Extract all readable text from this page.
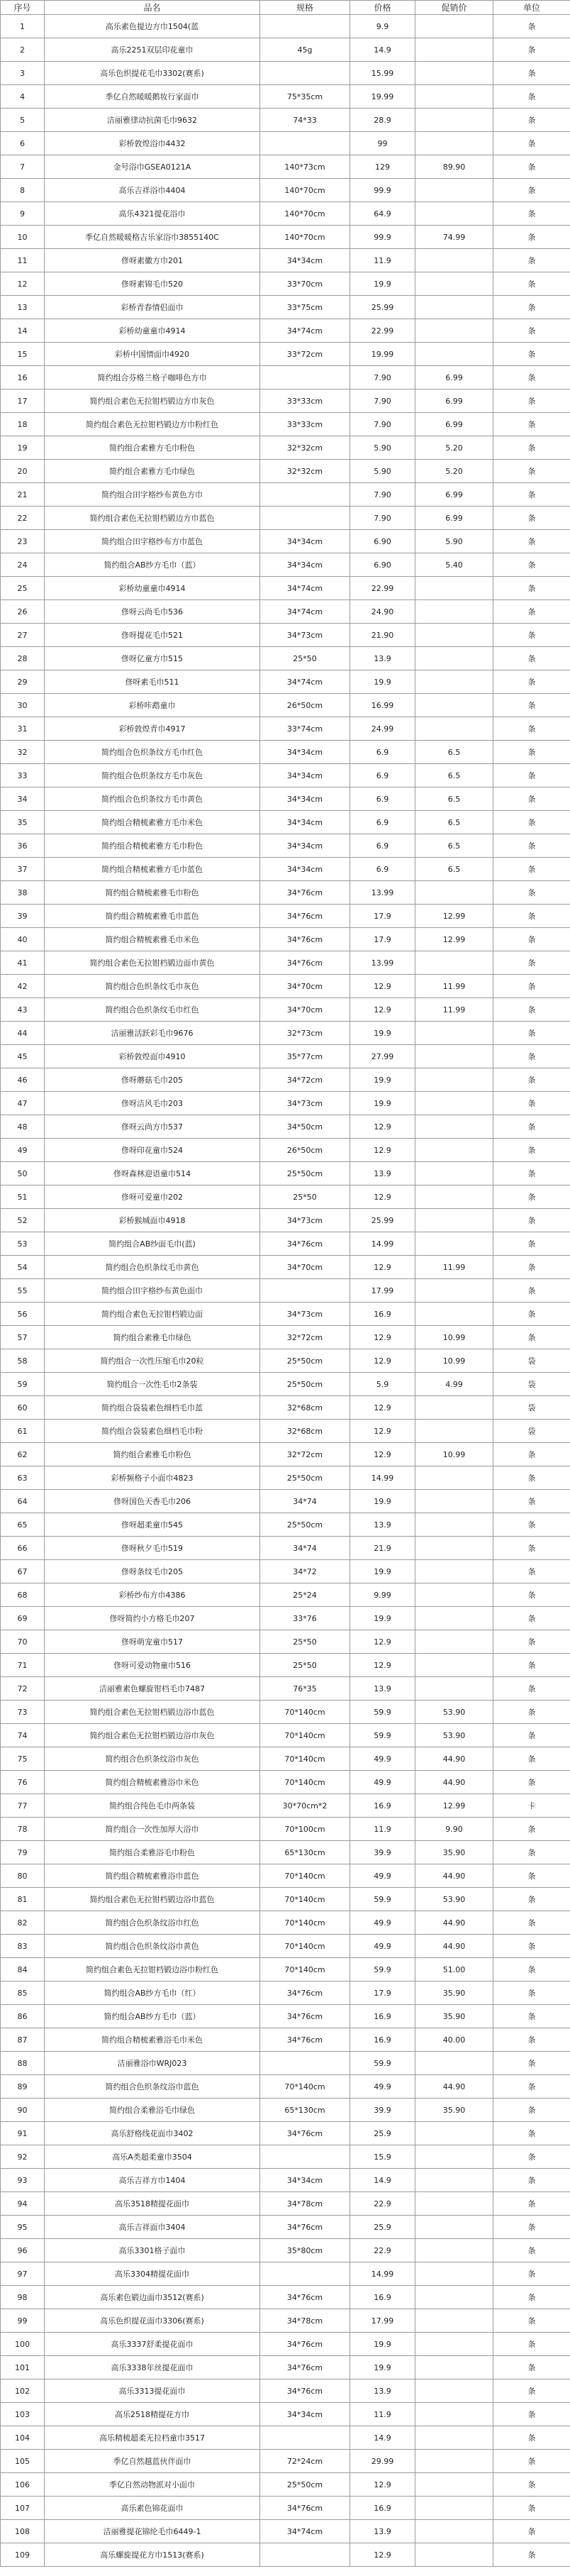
序号	品名	规格	价格	促销价	单位
1	高乐素色提边方巾1504(蓝		9.9		条
2	高乐2251双层印花童巾	45g	14.9		条
3	高乐色织提花毛巾3302(赛系)		15.99		条
4	季亿自然暖暖鹅妆行家面巾	75*35cm	19.99		条
5	洁丽雅律动抗菌毛巾9632	74*33	28.9		条
6	彩桥敦煌浴巾4432		99		条
7	金号浴巾GSEA0121A	140*73cm	129	89.90	条
8	高乐吉祥浴巾4404	140*70cm	99.9		条
9	高乐4321提花浴巾	140*70cm	64.9		条
10	季亿自然暖暖格吉乐家浴巾3855140C	140*70cm	99.9	74.99	条
11	俢呀素徽方巾201	34*34cm	11.9		条
12	俢呀素锦毛巾520	33*70cm	19.9		条
13	彩桥青春情侣面巾	33*75cm	25.99		条
14	彩桥幼童童巾4914	34*74cm	22.99		条
15	彩桥中国情面巾4920	33*72cm	19.99		条
16	简约组合芬格兰格子咖啡色方巾		7.90	6.99	条
17	简约组合素色无拉钳档锻边方巾灰色	33*33cm	7.90	6.99	条
18	简约组合素色无拉钳档锻边方巾粉红色	33*33cm	7.90	6.99	条
19	简约组合素雅方毛巾粉色	32*32cm	5.90	5.20	条
20	简约组合素雅方毛巾绿色	32*32cm	5.90	5.20	条
21	简约组合田字格纱布黄色方巾		7.90	6.99	条
22	简约组合素色无拉钳档锻边方巾蓝色		7.90	6.99	条
23	简约组合田字格纱布方巾蓝色	34*34cm	6.90	5.90	条
24	简约组合AB纱方毛巾（蓝）	34*34cm	6.90	5.40	条
25	彩桥幼童童巾4914	34*74cm	22.99		条
26	俢呀云尚毛巾536	34*74cm	24.90		条
27	俢呀提花毛巾521	34*73cm	21.90		条
28	俢呀亿童方巾515	25*50	13.9		条
29	俢呀素毛巾511	34*74cm	19.9		条
30	彩桥咔鹉童巾	26*50cm	16.99		条
31	彩桥敦煌青巾4917	33*74cm	24.99		条
32	简约组合色织条纹方毛巾红色	34*34cm	6.9	6.5	条
33	简约组合色织条纹方毛巾灰色	34*34cm	6.9	6.5	条
34	简约组合色织条纹方毛巾黄色	34*34cm	6.9	6.5	条
35	简约组合精梳素雅方毛巾米色	34*34cm	6.9	6.5	条
36	简约组合精梳素雅方毛巾粉色	34*34cm	6.9	6.5	条
37	简约组合精梳素雅方毛巾蓝色	34*34cm	6.9	6.5	条
38	简约组合精梳素雅毛巾粉色	34*76cm	13.99		条
39	简约组合精梳素雅毛巾蓝色	34*76cm	17.9	12.99	条
40	简约组合精梳素雅毛巾米色	34*76cm	17.9	12.99	条
41	简约组合素色无拉钳档锻边面巾黄色	34*76cm	13.99		条
42	简约组合色织条纹毛巾灰色	34*70cm	12.9	11.99	条
43	简约组合色织条纹毛巾红色	34*70cm	12.9	11.99	条
44	洁丽雅活跃彩毛巾9676	32*73cm	19.9		条
45	彩桥敦煌面巾4910	35*77cm	27.99		条
46	俢呀蘑菇毛巾205	34*72cm	19.9		条
47	俢呀洁风毛巾203	34*73cm	19.9		条
48	俢呀云尚方巾537	34*50cm	12.9		条
49	俢呀印花童巾524	26*50cm	12.9		条
50	俢呀森林迎语童巾514	25*50cm	13.9		条
51	俢呀可爱童巾202	25*50	12.9		条
52	彩桥猴城面巾4918	34*73cm	25.99		条
53	简约组合AB纱面毛巾(蓝)	34*76cm	14.99		条
54	简约组合色织条纹毛巾黄色	34*70cm	12.9	11.99	条
55	简约组合田字格纱布黄色面巾		17.99		条
56	简约组合素色无拉钳档锻边面	34*73cm	16.9		条
57	简约组合素雅毛巾绿色	32*72cm	12.9	10.99	条
58	简约组合一次性压缩毛巾20粒	25*50cm	12.9	10.99	袋
59	简约组合一次性毛巾2条装	25*50cm	5.9	4.99	袋
60	简约组合袋装素色细档毛巾蓝	32*68cm	12.9		袋
61	简约组合袋装素色细档毛巾粉	32*68cm	12.9		袋
62	简约组合素雅毛巾粉色	32*72cm	12.9	10.99	条
63	彩桥频格子小面巾4823	25*50cm	14.99		条
64	俢呀国色天香毛巾206	34*74	19.9		条
65	俢呀超柔童巾545	25*50cm	13.9		条
66	俢呀秋夕毛巾519	34*74	21.9		条
67	俢呀条纹毛巾205	34*72	19.9		条
68	彩桥纱布方巾4386	25*24	9.99		条
69	俢呀简约小方格毛巾207	33*76	19.9		条
70	俢呀萌宠童巾517	25*50	12.9		条
71	俢呀可爱动物童巾516	25*50	12.9		条
72	洁丽雅素色螺旋钳档毛巾7487	76*35	13.9		条
73	简约组合素色无拉钳档锻边浴巾蓝色	70*140cm	59.9	53.90	条
74	简约组合素色无拉钳档锻边浴巾灰色	70*140cm	59.9	53.90	条
75	简约组合色织条纹浴巾灰色	70*140cm	49.9	44.90	条
76	简约组合精梳素雅浴巾米色	70*140cm	49.9	44.90	条
77	简约组合纯色毛巾两条装	30*70cm*2	16.9	12.99	卡
78	简约组合一次性加厚大浴巾	70*100cm	11.9	9.90	条
79	简约组合柔雅浴毛巾粉色	65*130cm	39.9	35.90	条
80	简约组合精梳素雅浴巾蓝色	70*140cm	49.9	44.90	条
81	简约组合素色无拉钳档锻边浴巾蓝色	70*140cm	59.9	53.90	条
82	简约组合色织条纹浴巾红色	70*140cm	49.9	44.90	条
83	简约组合色织条纹浴巾黄色	70*140cm	49.9	44.90	条
84	简约组合素色无拉钳档锻边浴巾粉红色	70*140cm	59.9	51.00	条
85	简约组合AB纱方毛巾（红）	34*76cm	17.9	35.90	条
86	简约组合AB纱方毛巾（蓝）	34*76cm	16.9	35.90	条
87	简约组合精梳素雅浴毛巾米色	34*76cm	16.9	40.00	条
88	洁丽雅浴巾WRJ023		59.9		条
89	简约组合色织条纹浴巾蓝色	70*140cm	49.9	44.90	条
90	简约组合柔雅浴毛巾绿色	65*130cm	39.9	35.90	条
91	高乐舒格线花面巾3402	34*76cm	25.9		条
92	高乐A类超柔童巾3504		15.9		条
93	高乐吉祥方巾1404	34*34cm	14.9		条
94	高乐3518精提花面巾	34*78cm	22.9		条
95	高乐吉祥面巾3404	34*76cm	25.9		条
96	高乐3301格子面巾	35*80cm	22.9		条
97	高乐3304精提花面巾		14.99		条
98	高乐素色锻边面巾3512(赛系)	34*76cm	16.9		条
99	高乐色织提花面巾3306(赛系)	34*78cm	17.99		条
100	高乐3337舒柔提花面巾	34*76cm	19.9		条
101	高乐3338年丝提花面巾	34*76cm	19.9		条
102	高乐3313提花面巾	34*76cm	13.9		条
103	高乐2518精提花方巾	34*34cm	11.9		条
104	高乐精梳超柔无拉档童巾3517		14.9		条
105	季亿自然越蓝伙伴面巾	72*24cm	29.99		条
106	季亿自然动物派对小面巾	25*50cm	12.9		条
107	高乐素色锦花面巾	34*76cm	16.9		条
108	洁丽雅提花锦纶毛巾6449-1	34*74cm	13.9		条
109	高乐螺旋提花方巾1513(赛系)		12.9		条
